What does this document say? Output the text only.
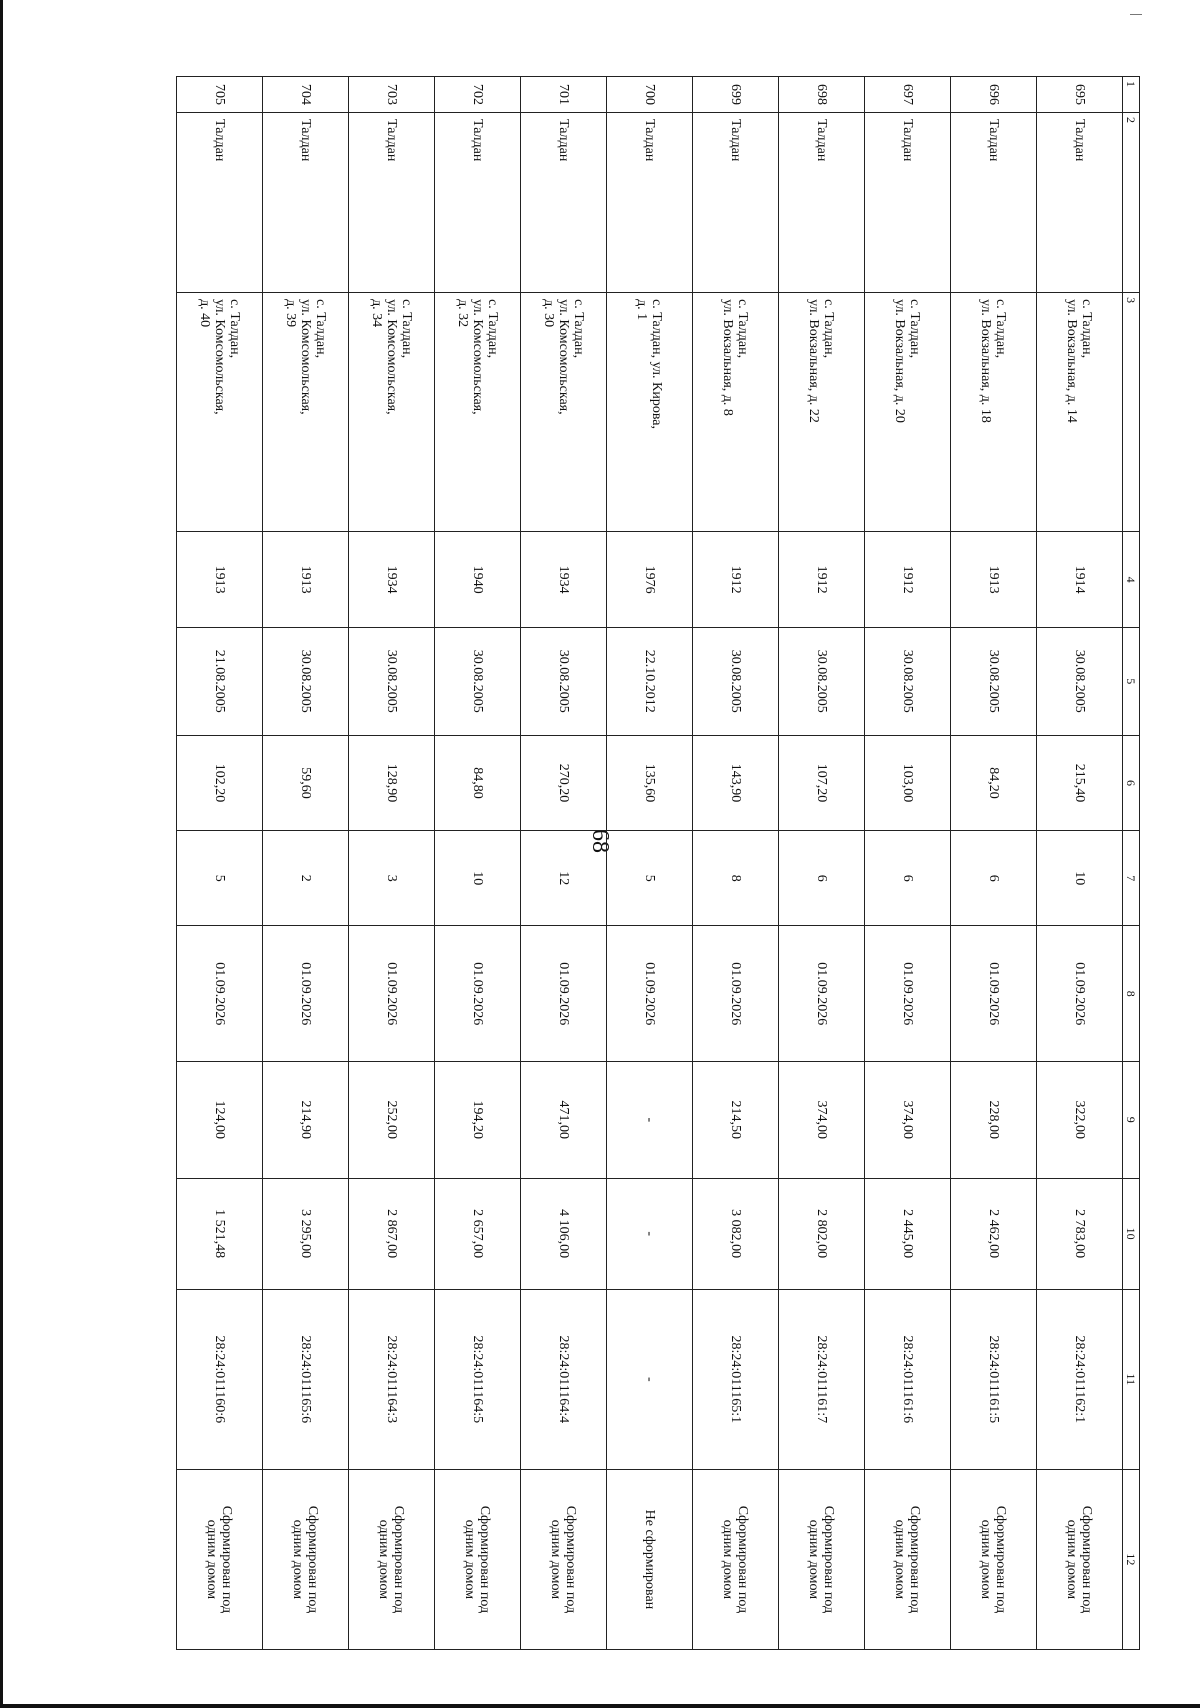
68
1	2	3	4	5	6	7	8	9	10	11	12
695	Талдан	с. Талдан,
ул. Вокзальная, д. 14	1914	30.08.2005	215,40	10	01.09.2026	322,00	2 783,00	28:24:011162:1	Сформирован под
одним домом
696	Талдан	с. Талдан,
ул. Вокзальная, д. 18	1913	30.08.2005	84,20	6	01.09.2026	228,00	2 462,00	28:24:011161:5	Сформирован под
одним домом
697	Талдан	с. Талдан,
ул. Вокзальная, д. 20	1912	30.08.2005	103,00	6	01.09.2026	374,00	2 445,00	28:24:011161:6	Сформирован под
одним домом
698	Талдан	с. Талдан,
ул. Вокзальная, д. 22	1912	30.08.2005	107,20	6	01.09.2026	374,00	2 802,00	28:24:011161:7	Сформирован под
одним домом
699	Талдан	с. Талдан,
ул. Вокзальная, д. 8	1912	30.08.2005	143,90	8	01.09.2026	214,50	3 082,00	28:24:011165:1	Сформирован под
одним домом
700	Талдан	с. Талдан, ул. Кирова,
д. 1	1976	22.10.2012	135,60	5	01.09.2026	-	-	-	Не сформирован
701	Талдан	с. Талдан,
ул. Комсомольская,
д. 30	1934	30.08.2005	270,20	12	01.09.2026	471,00	4 106,00	28:24:011164:4	Сформирован под
одним домом
702	Талдан	с. Талдан,
ул. Комсомольская,
д. 32	1940	30.08.2005	84,80	10	01.09.2026	194,20	2 657,00	28:24:011164:5	Сформирован под
одним домом
703	Талдан	с. Талдан,
ул. Комсомольская,
д. 34	1934	30.08.2005	128,90	3	01.09.2026	252,00	2 867,00	28:24:011164:3	Сформирован под
одним домом
704	Талдан	с. Талдан,
ул. Комсомольская,
д. 39	1913	30.08.2005	59,60	2	01.09.2026	214,90	3 295,00	28:24:011165:6	Сформирован под
одним домом
705	Талдан	с. Талдан,
ул. Комсомольская,
д. 40	1913	21.08.2005	102,20	5	01.09.2026	124,00	1 521,48	28:24:011160:6	Сформирован под
одним домом
